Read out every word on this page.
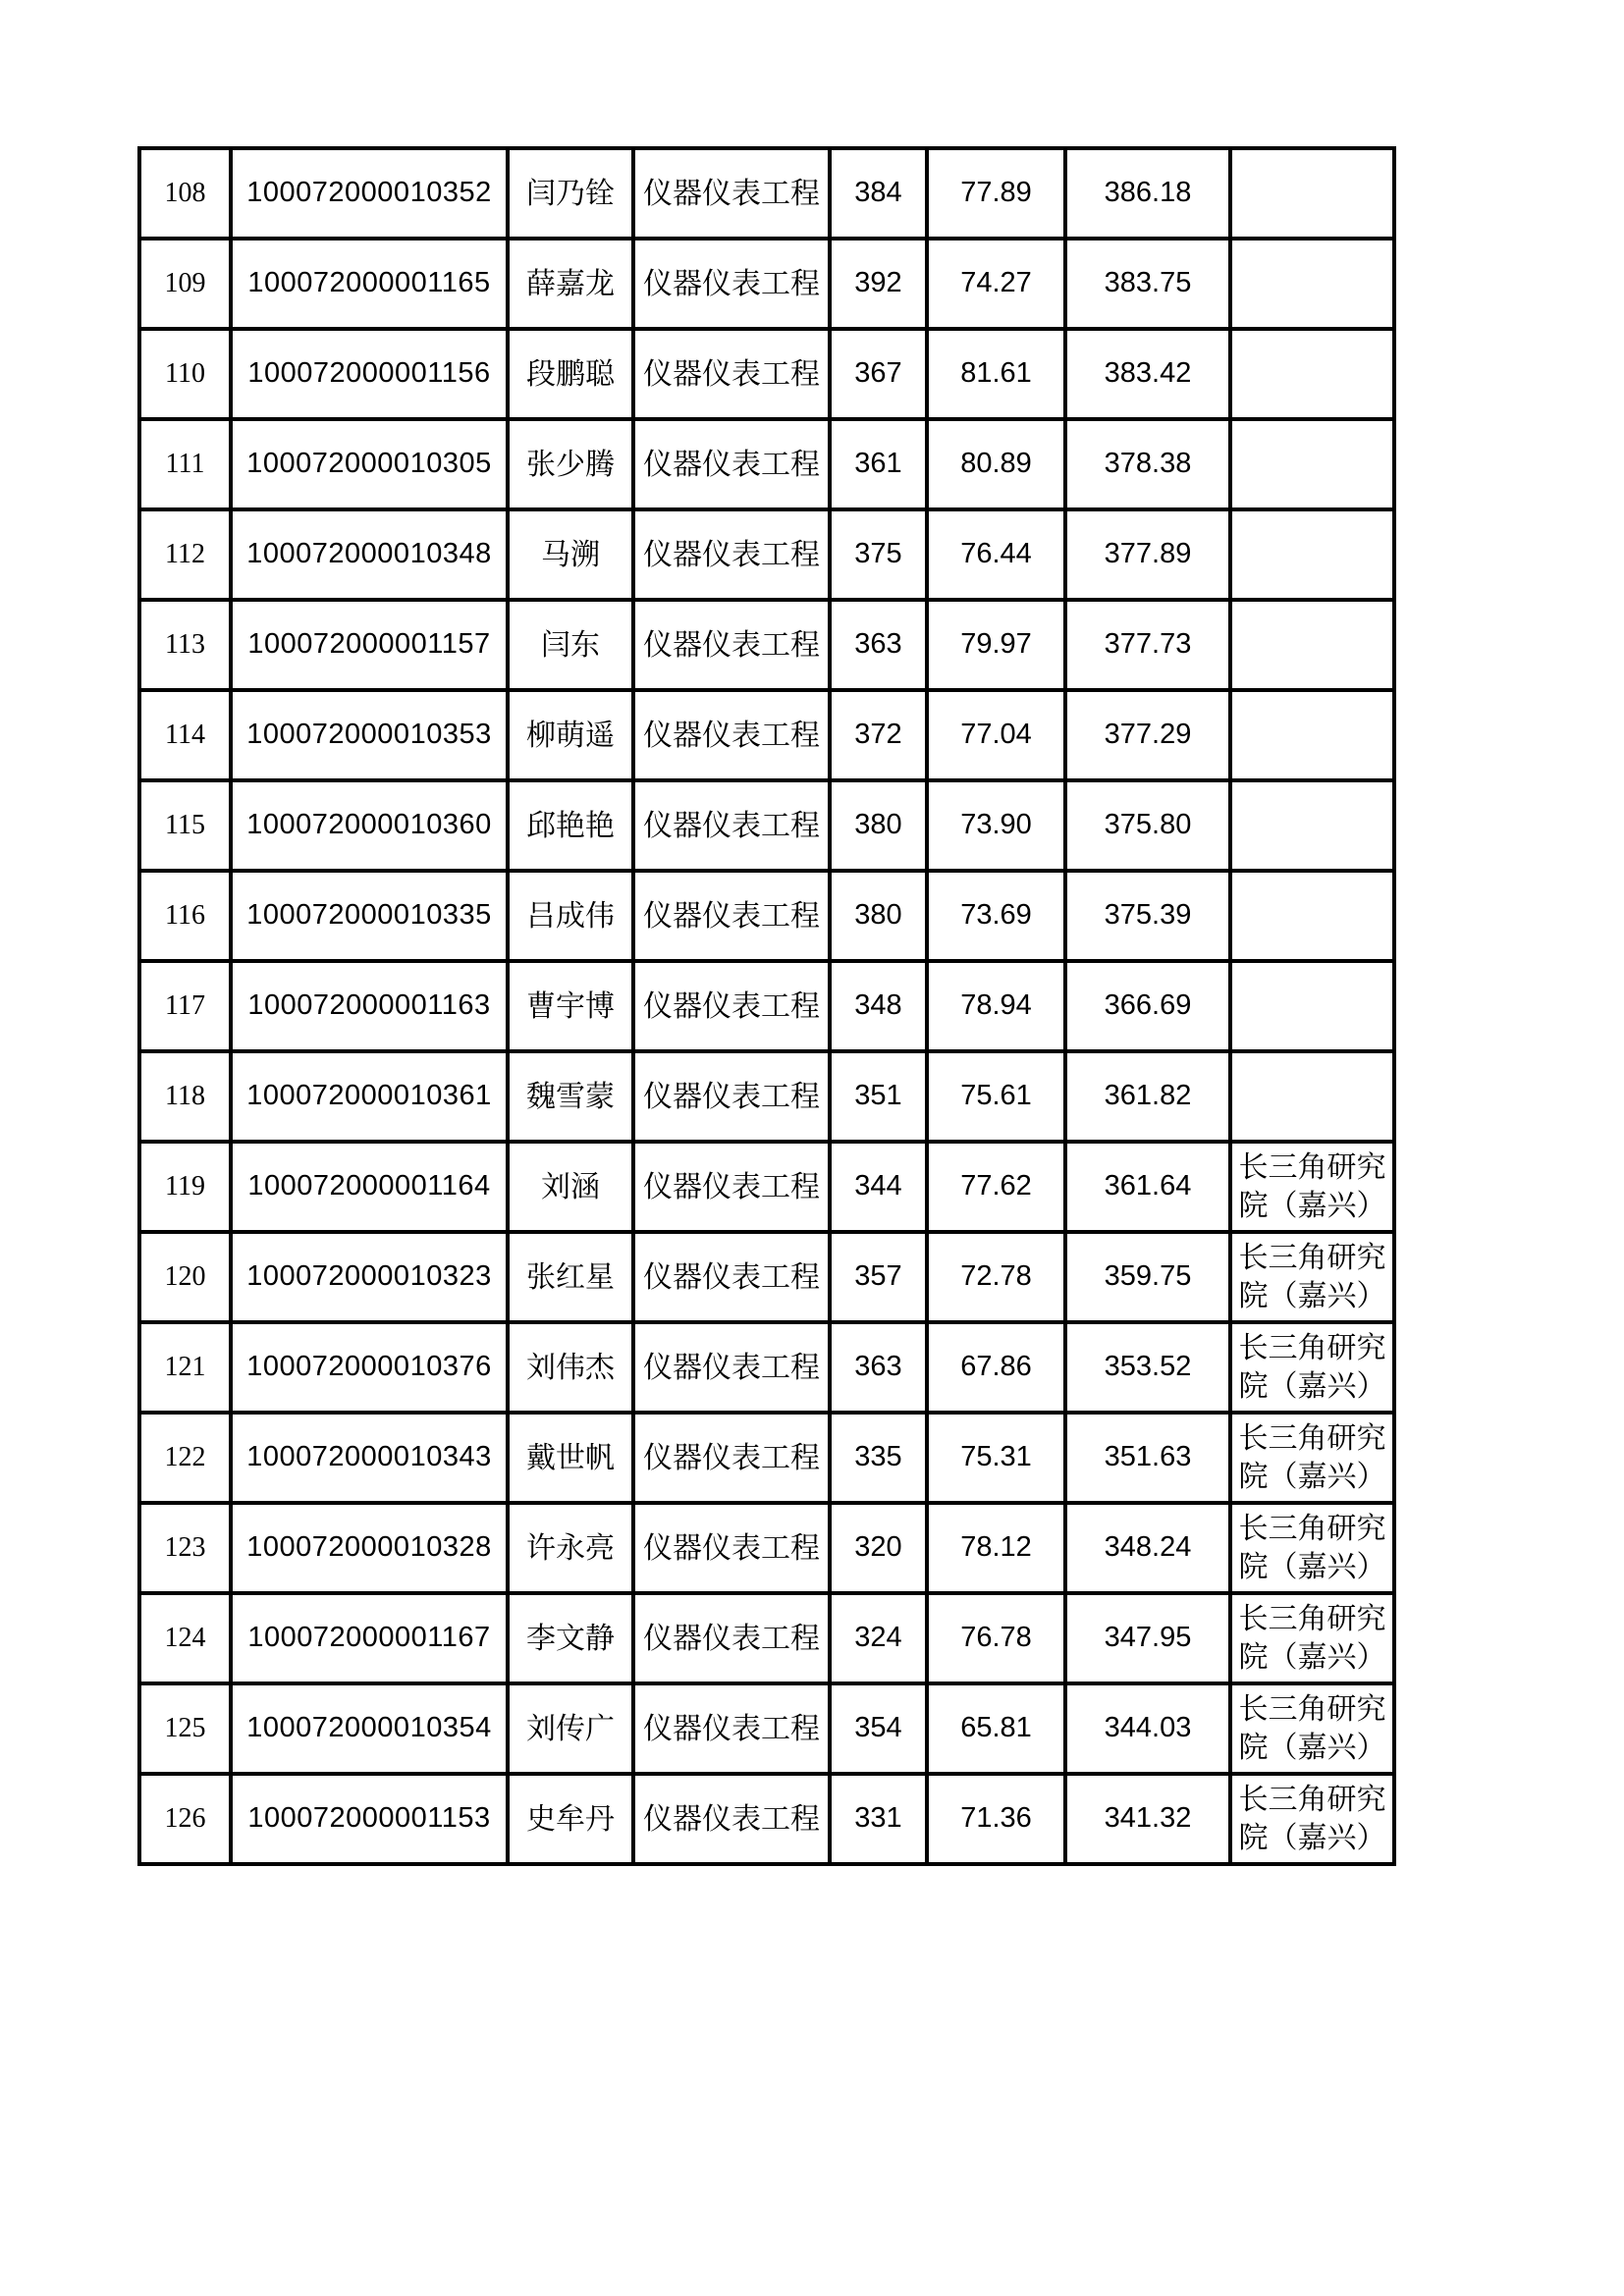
108	100072000010352	闫乃铨	仪器仪表工程	384	77.89	386.18	
109	100072000001165	薛嘉龙	仪器仪表工程	392	74.27	383.75	
110	100072000001156	段鹏聪	仪器仪表工程	367	81.61	383.42	
111	100072000010305	张少腾	仪器仪表工程	361	80.89	378.38	
112	100072000010348	马溯	仪器仪表工程	375	76.44	377.89	
113	100072000001157	闫东	仪器仪表工程	363	79.97	377.73	
114	100072000010353	柳萌遥	仪器仪表工程	372	77.04	377.29	
115	100072000010360	邱艳艳	仪器仪表工程	380	73.90	375.80	
116	100072000010335	吕成伟	仪器仪表工程	380	73.69	375.39	
117	100072000001163	曹宇博	仪器仪表工程	348	78.94	366.69	
118	100072000010361	魏雪蒙	仪器仪表工程	351	75.61	361.82	
119	100072000001164	刘涵	仪器仪表工程	344	77.62	361.64	长三角研究院（嘉兴）
120	100072000010323	张红星	仪器仪表工程	357	72.78	359.75	长三角研究院（嘉兴）
121	100072000010376	刘伟杰	仪器仪表工程	363	67.86	353.52	长三角研究院（嘉兴）
122	100072000010343	戴世帆	仪器仪表工程	335	75.31	351.63	长三角研究院（嘉兴）
123	100072000010328	许永亮	仪器仪表工程	320	78.12	348.24	长三角研究院（嘉兴）
124	100072000001167	李文静	仪器仪表工程	324	76.78	347.95	长三角研究院（嘉兴）
125	100072000010354	刘传广	仪器仪表工程	354	65.81	344.03	长三角研究院（嘉兴）
126	100072000001153	史牟丹	仪器仪表工程	331	71.36	341.32	长三角研究院（嘉兴）
